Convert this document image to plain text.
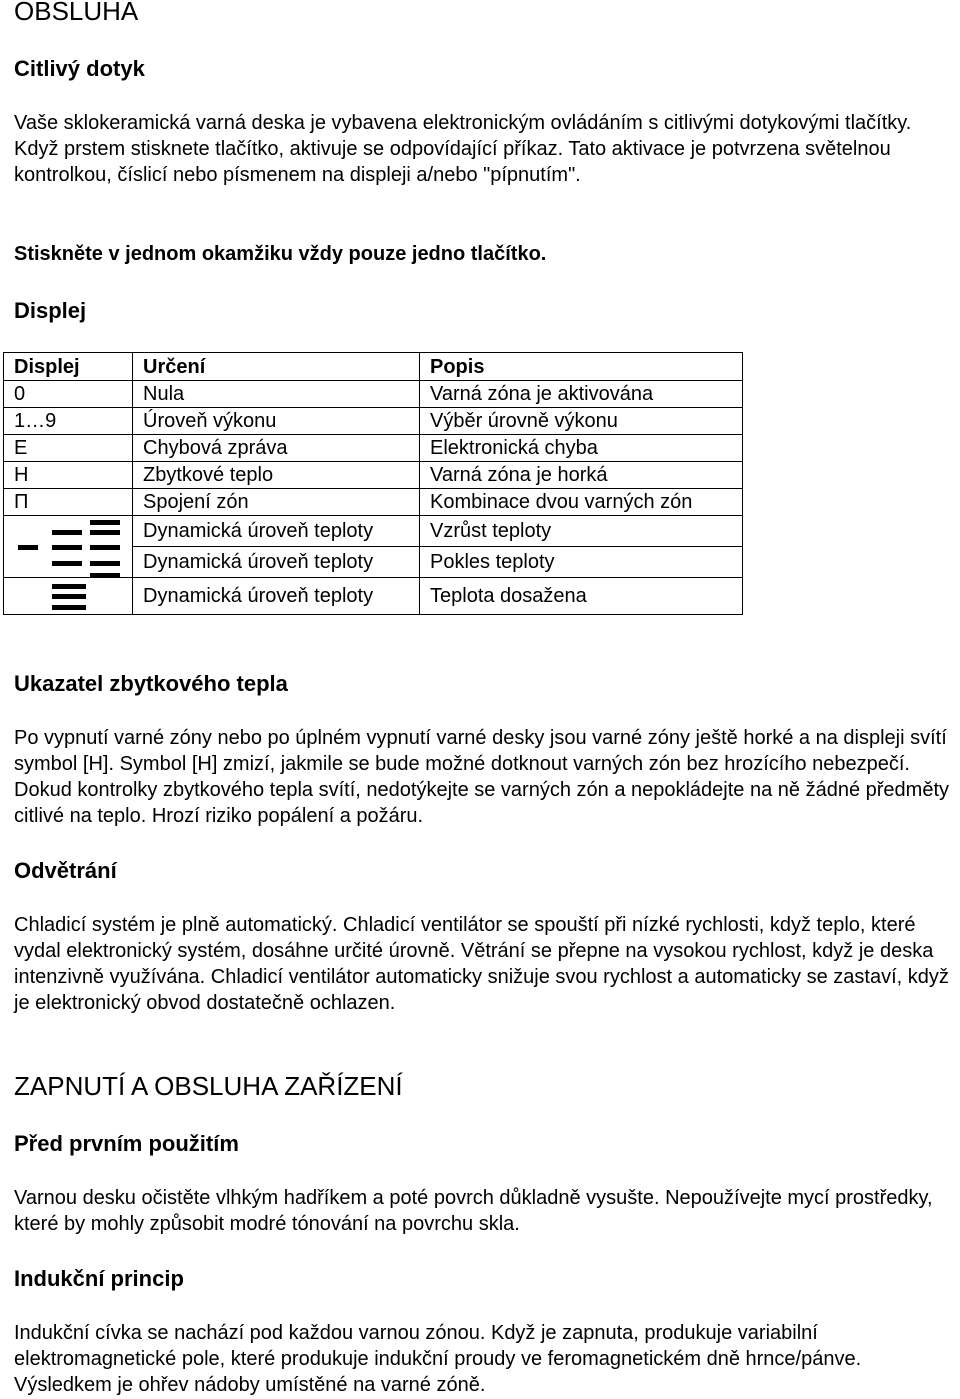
OBSLUHA
Citlivý dotyk

Vaše sklokeramická varná deska je vybavena elektronickým ovládáním s citlivými dotykovými tlačítky. Když prstem stisknete tlačítko, aktivuje se odpovídající příkaz. Tato aktivace je potvrzena světelnou kontrolkou, číslicí nebo písmenem na displeji a/nebo "pípnutím".

Stiskněte v jednom okamžiku vždy pouze jedno tlačítko.

Displej
Displej	Určení	Popis
0	Nula	Varná zóna je aktivována
1…9	Úroveň výkonu	Výběr úrovně výkonu
E	Chybová zpráva	Elektronická chyba
H	Zbytkové teplo	Varná zóna je horká
Π	Spojení zón	Kombinace dvou varných zón

	Dynamická úroveň teploty	Vzrůst teploty
	Dynamická úroveň teploty	Pokles teploty

	Dynamická úroveň teploty	Teplota dosažena
Ukazatel zbytkového tepla

Po vypnutí varné zóny nebo po úplném vypnutí varné desky jsou varné zóny ještě horké a na displeji svítí symbol [H]. Symbol [H] zmizí, jakmile se bude možné dotknout varných zón bez hrozícího nebezpečí. Dokud kontrolky zbytkového tepla svítí, nedotýkejte se varných zón a nepokládejte na ně žádné předměty citlivé na teplo. Hrozí riziko popálení a požáru.

Odvětrání

Chladicí systém je plně automatický. Chladicí ventilátor se spouští při nízké rychlosti, když teplo, které vydal elektronický systém, dosáhne určité úrovně. Větrání se přepne na vysokou rychlost, když je deska intenzivně využívána. Chladicí ventilátor automaticky snižuje svou rychlost a automaticky se zastaví, když je elektronický obvod dostatečně ochlazen.

ZAPNUTÍ A OBSLUHA ZAŘÍZENÍ
Před prvním použitím

Varnou desku očistěte vlhkým hadříkem a poté povrch důkladně vysušte. Nepoužívejte mycí prostředky, které by mohly způsobit modré tónování na povrchu skla.

Indukční princip

Indukční cívka se nachází pod každou varnou zónou. Když je zapnuta, produkuje variabilní elektromagnetické pole, které produkuje indukční proudy ve feromagnetickém dně hrnce/pánve. Výsledkem je ohřev nádoby umístěné na varné zóně.
